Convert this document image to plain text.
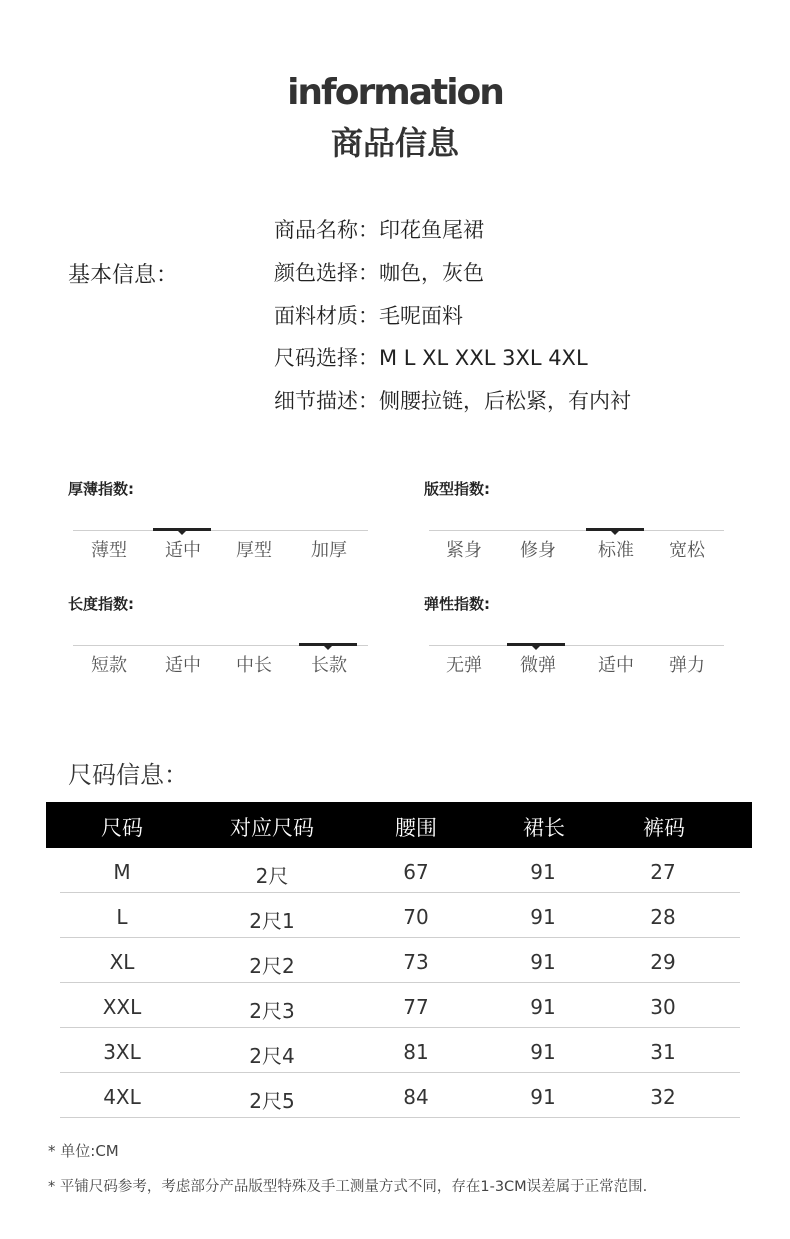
information
商品信息
基本信息：
商品名称：印花鱼尾裙
颜色选择：咖色，灰色
面料材质：毛呢面料
尺码选择：M L XL XXL 3XL 4XL
细节描述：侧腰拉链，后松紧，有内衬
厚薄指数:
薄型	适中	厚型	加厚
版型指数:
紧身	修身	标准	宽松
长度指数:
短款	适中	中长	长款
弹性指数:
无弹	微弹	适中	弹力
尺码信息：
尺码	对应尺码	腰围	裙长	裤码
M	2尺	67	91	27
L	2尺1	70	91	28
XL	2尺2	73	91	29
XXL	2尺3	77	91	30
3XL	2尺4	81	91	31
4XL	2尺5	84	91	32
* 单位:CM
* 平铺尺码参考，考虑部分产品版型特殊及手工测量方式不同，存在1-3CM误差属于正常范围.
